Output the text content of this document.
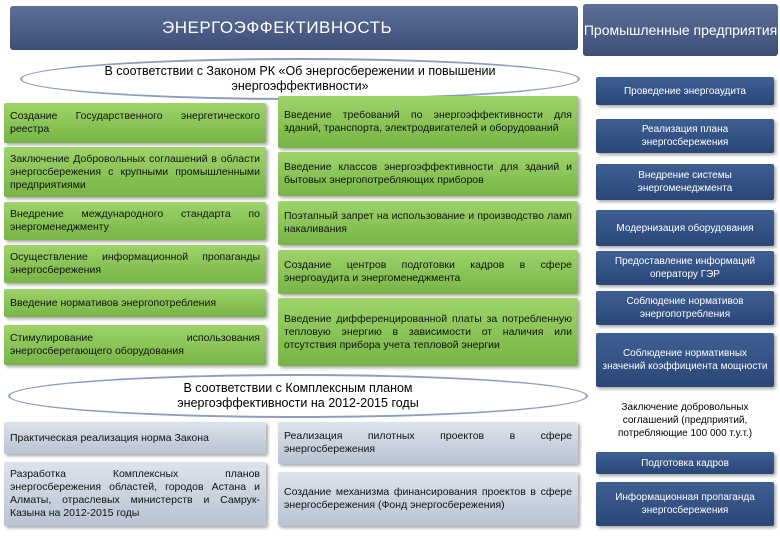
ЭНЕРГОЭФФЕКТИВНОСТЬ	Промышленные предприятия
В соответствии с Законом РК «Об энергосбережении и повышении энергоэффективности»
Создание Государственного энергетического реестра
Заключение Добровольных соглашений в области энергосбережения с крупными промышленными предприятиями
Внедрение международного стандарта по энергоменеджменту
Осуществление информационной пропаганды энергосбережения
Введение нормативов энергопотребления
Стимулирование использования энергосберегающего оборудования
Введение требований по энергоэффективности для зданий, транспорта, электродвигателей и оборудований
Введение классов энергоэффективности для зданий и бытовых энергопотребляющих приборов
Поэтапный запрет на использование и производство ламп накаливания
Создание центров подготовки кадров в сфере энергоаудита и энергоменеджмента
Введение дифференцированной платы за потребленную тепловую энергию в зависимости от наличия или отсутствия прибора учета тепловой энергии
В соответствии с Комплексным планом энергоэффективности на 2012-2015 годы
Практическая реализация норма Закона
Разработка Комплексных планов энергосбережения областей, городов Астана и Алматы, отраслевых министерств и Самрук-Казына на 2012-2015 годы
Реализация пилотных проектов в сфере энергосбережения
Создание механизма финансирования проектов в сфере энергосбережения (Фонд энергосбережения)
Проведение энергоаудита
Реализация плана энергосбережения
Внедрение системы энергоменеджмента
Модернизация оборудования
Предоставление информаций оператору ГЭР
Соблюдение нормативов энергопотребления
Соблюдение нормативных значений коэффициента мощности
Заключение добровольных соглашений (предприятий, потребляющие 100 000 т.у.т.)
Подготовка кадров
Информационная пропаганда энергосбережения
